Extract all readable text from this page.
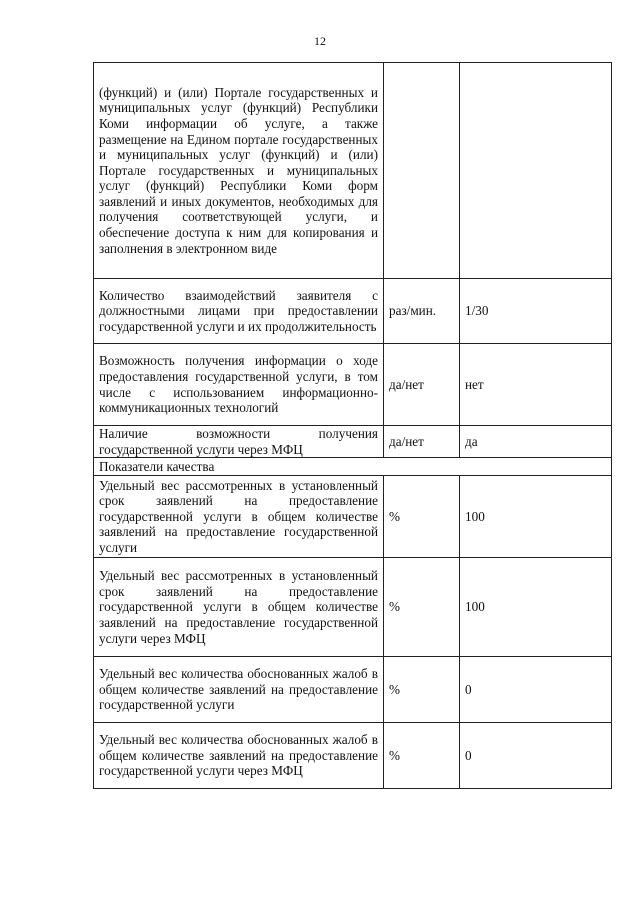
12
(функций) и (или) Портале государственных и муниципальных услуг (функций) Республики Коми информации об услуге, а также размещение на Едином портале государственных и муниципальных услуг (функций) и (или) Портале государственных и муниципальных услуг (функций) Республики Коми форм заявлений и иных документов, необходимых для получения соответствующей услуги, и обеспечение доступа к ним для копирования и заполнения в электронном виде		
Количество взаимодействий заявителя с должностными лицами при предоставлении государственной услуги и их продолжительность	раз/мин.	1/30
Возможность получения информации о ходе предоставления государственной услуги, в том числе с использованием информационно-коммуникационных технологий	да/нет	нет
Наличие возможности получения государственной услуги через МФЦ	да/нет	да
Показатели качества		
Удельный вес рассмотренных в установленный срок заявлений на предоставление государственной услуги в общем количестве заявлений на предоставление государственной услуги	%	100
Удельный вес рассмотренных в установленный срок заявлений на предоставление государственной услуги в общем количестве заявлений на предоставление государственной услуги через МФЦ	%	100
Удельный вес количества обоснованных жалоб в общем количестве заявлений на предоставление государственной услуги	%	0
Удельный вес количества обоснованных жалоб в общем количестве заявлений на предоставление государственной услуги через МФЦ	%	0
